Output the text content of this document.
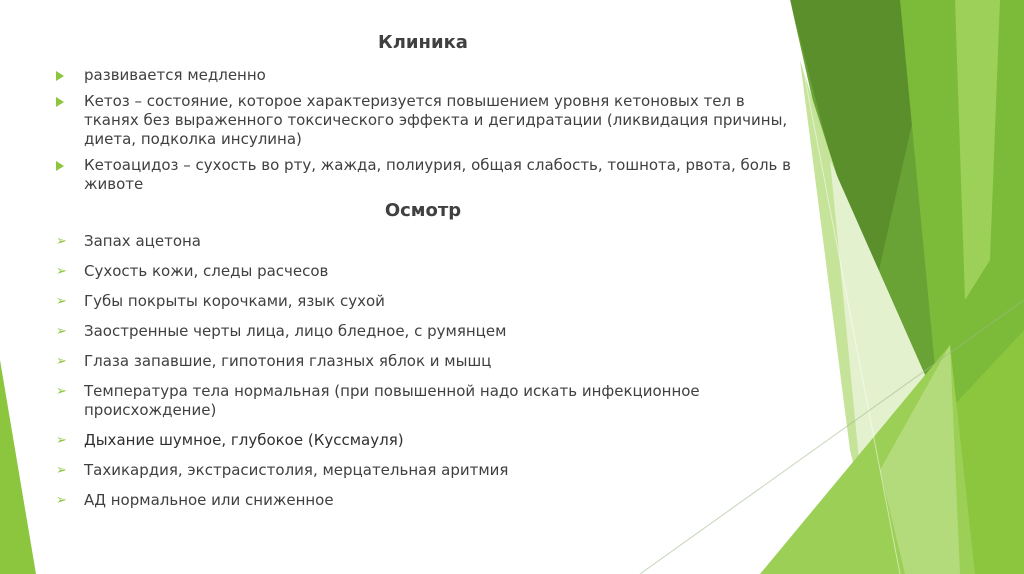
Клиника
развивается медленно
Кетоз – состояние, которое характеризуется повышением уровня кетоновых тел в тканях без выраженного токсического эффекта и дегидратации (ликвидация причины, диета, подколка инсулина)
Кетоацидоз – сухость во рту, жажда, полиурия, общая слабость, тошнота, рвота, боль в животе
Осмотр
➢ Запах ацетона
➢ Сухость кожи, следы расчесов
➢ Губы покрыты корочками, язык сухой
➢ Заостренные черты лица, лицо бледное, с румянцем
➢ Глаза запавшие, гипотония глазных яблок и мышц
➢ Температура тела нормальная (при повышенной надо искать инфекционное происхождение)
➢ Дыхание шумное, глубокое (Куссмауля)
➢ Тахикардия, экстрасистолия, мерцательная аритмия
➢ АД нормальное или сниженное
